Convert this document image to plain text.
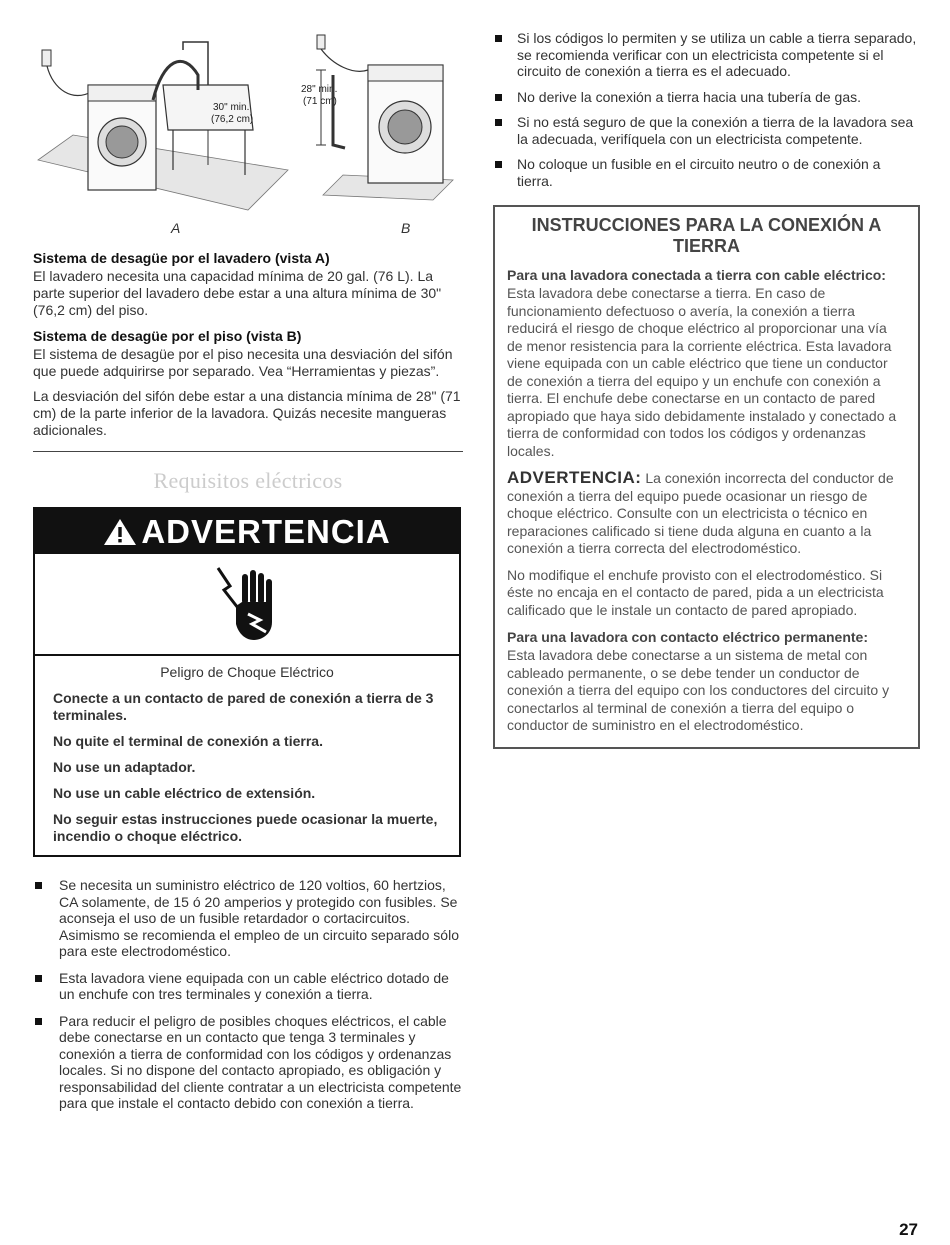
30" min.
(76,2 cm)
28" min.
(71 cm)
A	B
Sistema de desagüe por el lavadero (vista A)

El lavadero necesita una capacidad mínima de 20 gal. (76 L). La parte superior del lavadero debe estar a una altura mínima de 30" (76,2 cm) del piso.

Sistema de desagüe por el piso (vista B)

El sistema de desagüe por el piso necesita una desviación del sifón que puede adquirirse por separado. Vea “Herramientas y piezas”.

La desviación del sifón debe estar a una distancia mínima de 28" (71 cm) de la parte inferior de la lavadora. Quizás necesite mangueras adicionales.

Requisitos eléctricos
ADVERTENCIA
Peligro de Choque Eléctrico
Conecte a un contacto de pared de conexión a tierra de 3 terminales.
No quite el terminal de conexión a tierra.
No use un adaptador.
No use un cable eléctrico de extensión.
No seguir estas instrucciones puede ocasionar la muerte, incendio o choque eléctrico.
Se necesita un suministro eléctrico de 120 voltios, 60 hertzios, CA solamente, de 15 ó 20 amperios y protegido con fusibles. Se aconseja el uso de un fusible retardador o cortacircuitos. Asimismo se recomienda el empleo de un circuito separado sólo para este electrodoméstico.
Esta lavadora viene equipada con un cable eléctrico dotado de un enchufe con tres terminales y conexión a tierra.
Para reducir el peligro de posibles choques eléctricos, el cable debe conectarse en un contacto que tenga 3 terminales y conexión a tierra de conformidad con los códigos y ordenanzas locales. Si no dispone del contacto apropiado, es obligación y responsabilidad del cliente contratar a un electricista competente para que instale el contacto debido con conexión a tierra.
Si los códigos lo permiten y se utiliza un cable a tierra separado, se recomienda verificar con un electricista competente si el circuito de conexión a tierra es el adecuado.
No derive la conexión a tierra hacia una tubería de gas.
Si no está seguro de que la conexión a tierra de la lavadora sea la adecuada, verifíquela con un electricista competente.
No coloque un fusible en el circuito neutro o de conexión a tierra.
INSTRUCCIONES PARA LA CONEXIÓN A TIERRA
Para una lavadora conectada a tierra con cable eléctrico:

Esta lavadora debe conectarse a tierra. En caso de funcionamiento defectuoso o avería, la conexión a tierra reducirá el riesgo de choque eléctrico al proporcionar una vía de menor resistencia para la corriente eléctrica. Esta lavadora viene equipada con un cable eléctrico que tiene un conductor de conexión a tierra del equipo y un enchufe con conexión a tierra. El enchufe debe conectarse en un contacto de pared apropiado que haya sido debidamente instalado y conectado a tierra de conformidad con todos los códigos y ordenanzas locales.

ADVERTENCIA: La conexión incorrecta del conductor de conexión a tierra del equipo puede ocasionar un riesgo de choque eléctrico. Consulte con un electricista o técnico en reparaciones calificado si tiene duda alguna en cuanto a la conexión a tierra correcta del electrodoméstico.

No modifique el enchufe provisto con el electrodoméstico. Si éste no encaja en el contacto de pared, pida a un electricista calificado que le instale un contacto de pared apropiado.

Para una lavadora con contacto eléctrico permanente:

Esta lavadora debe conectarse a un sistema de metal con cableado permanente, o se debe tender un conductor de conexión a tierra del equipo con los conductores del circuito y conectarlos al terminal de conexión a tierra del equipo o conductor de suministro en el electrodoméstico.

27
